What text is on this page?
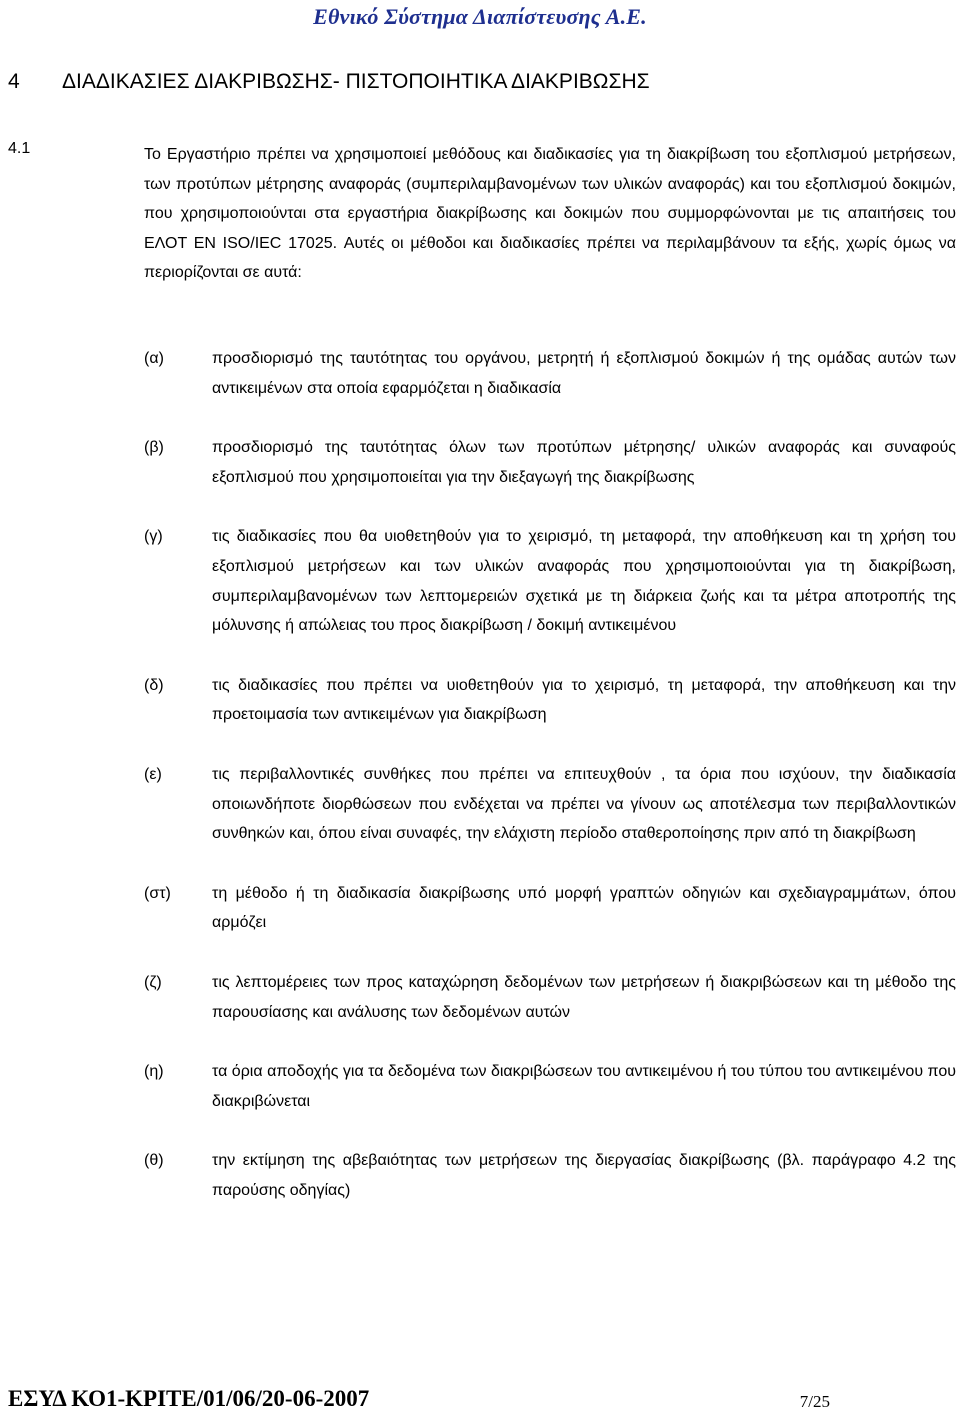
Εθνικό Σύστημα Διαπίστευσης Α.Ε.
4 ΔΙΑΔΙΚΑΣΙΕΣ ΔΙΑΚΡΙΒΩΣΗΣ- ΠΙΣΤΟΠΟΙΗΤΙΚΑ ΔΙΑΚΡΙΒΩΣΗΣ
4.1	Το Εργαστήριο πρέπει να χρησιμοποιεί μεθόδους και διαδικασίες για τη διακρίβωση του εξοπλισμού μετρήσεων, των προτύπων μέτρησης αναφοράς (συμπεριλαμβανομένων των υλικών αναφοράς) και του εξοπλισμού δοκιμών, που χρησιμοποιούνται στα εργαστήρια διακρίβωσης και δοκιμών που συμμορφώνονται με τις απαιτήσεις του ΕΛΟΤ ΕΝ ISO/IEC 17025. Αυτές οι μέθοδοι και διαδικασίες πρέπει να περιλαμβάνουν τα εξής, χωρίς όμως να περιορίζονται σε αυτά:

(α)	προσδιορισμό της ταυτότητας του οργάνου, μετρητή ή εξοπλισμού δοκιμών ή της ομάδας αυτών των αντικειμένων στα οποία εφαρμόζεται η διαδικασία
(β)	προσδιορισμό της ταυτότητας όλων των προτύπων μέτρησης/ υλικών αναφοράς και συναφούς εξοπλισμού που χρησιμοποιείται για την διεξαγωγή της διακρίβωσης
(γ)	τις διαδικασίες που θα υιοθετηθούν για το χειρισμό, τη μεταφορά, την αποθήκευση και τη χρήση του εξοπλισμού μετρήσεων και των υλικών αναφοράς που χρησιμοποιούνται για τη διακρίβωση, συμπεριλαμβανομένων των λεπτομερειών σχετικά με τη διάρκεια ζωής και τα μέτρα αποτροπής της μόλυνσης ή απώλειας του προς διακρίβωση / δοκιμή αντικειμένου
(δ)	τις διαδικασίες που πρέπει να υιοθετηθούν για το χειρισμό, τη μεταφορά, την αποθήκευση και την προετοιμασία των αντικειμένων για διακρίβωση
(ε)	τις περιβαλλοντικές συνθήκες που πρέπει να επιτευχθούν , τα όρια που ισχύουν, την διαδικασία οποιωνδήποτε διορθώσεων που ενδέχεται να πρέπει να γίνουν ως αποτέλεσμα των περιβαλλοντικών συνθηκών και, όπου είναι συναφές, την ελάχιστη περίοδο σταθεροποίησης πριν από τη διακρίβωση
(στ)	τη μέθοδο ή τη διαδικασία διακρίβωσης υπό μορφή γραπτών οδηγιών και σχεδιαγραμμάτων, όπου αρμόζει
(ζ)	τις λεπτομέρειες των προς καταχώρηση δεδομένων των μετρήσεων ή διακριβώσεων και τη μέθοδο της παρουσίασης και ανάλυσης των δεδομένων αυτών
(η)	τα όρια αποδοχής για τα δεδομένα των διακριβώσεων του αντικειμένου ή του τύπου του αντικειμένου που διακριβώνεται
(θ)	την εκτίμηση της αβεβαιότητας των μετρήσεων της διεργασίας διακρίβωσης (βλ. παράγραφο 4.2 της παρούσης οδηγίας)
ΕΣΥΔ ΚΟ1-ΚΡΙΤΕ/01/06/20-06-2007	7/25
